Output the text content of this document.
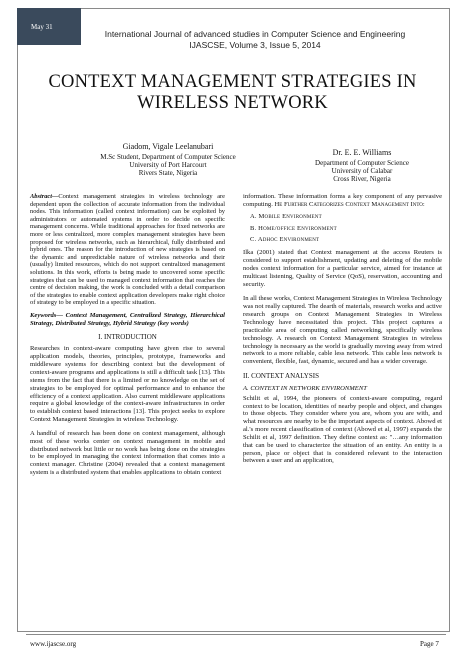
May 31
International Journal of advanced studies in Computer Science and Engineering
IJASCSE, Volume 3, Issue 5, 2014
CONTEXT MANAGEMENT STRATEGIES IN
WIRELESS NETWORK
Giadom, Vigale Leelanubari
M.Sc Student, Department of Computer Science
University of Port Harcourt
Rivers State, Nigeria
Dr. E. E. Williams
Department of Computer Science
University of Calabar
Cross River, Nigeria

Abstract—Context management strategies in wireless technology are dependent upon the collection of accurate information from the individual nodes. This information (called context information) can be exploited by administrators or automated systems in order to decide on specific management concerns. While traditional approaches for fixed networks are more or less centralized, more complex management strategies have been proposed for wireless networks, such as hierarchical, fully distributed and hybrid ones. The reason for the introduction of new strategies is based on the dynamic and unpredictable nature of wireless networks and their (usually) limited resources, which do not support centralized management solutions. In this work, efforts is being made to uncovered some specific strategies that can be used to managed context information that reaches the centre of decision making, the work is concluded with a detail comparison of the strategies to enable context application developers make right choice of strategy to be employed in a specific situation.

Keywords— Context Management, Centralized Strategy, Hierarchical Strategy, Distributed Strategy, Hybrid Strategy (key words)

I. INTRODUCTION

Researches in context-aware computing have given rise to several application models, theories, principles, prototype, frameworks and middleware systems for describing context but the development of context-aware programs and applications is still a difficult task [13]. This stems from the fact that there is a limited or no knowledge on the set of strategies to be employed for optimal performance and to enhance the efficiency of a context application. Also current middleware applications require a global knowledge of the context-aware infrastructures in order to establish context based interactions [13]. This project seeks to explore Context Management Strategies in wireless Technology.

A handful of research has been done on context management, although most of these works center on context management in mobile and distributed network but little or no work has being done on the strategies to be employed in managing the context information that comes into a context manager. Christine (2004) revealed that a context management system is a distributed system that enables applications to obtain context

information. These information forms a key component of any pervasive computing. He Further Categorizes Context Management Into:

A. Mobile Environment
B. Home/office Environment
C. Adhoc Environment

Ilka (2001) stated that Context management at the access Reuters is considered to support establishment, updating and deleting of the mobile nodes context information for a particular service, aimed for instance at multicast listening, Quality of Service (QoS), reservation, accounting and security.

In all these works, Context Management Strategies in Wireless Technology was not really captured. The dearth of materials, research works and active research groups on Context Management Strategies in Wireless Technology have necessitated this project. This project captures a practicable area of computing called networking, specifically wireless technology. A research on Context Management Strategies in wireless technology is necessary as the world is gradually moving away from wired network to a more reliable, cable less network. This cable less network is convenient, flexible, fast, dynamic, secured and has a wider coverage.

II. CONTEXT ANALYSIS
A. CONTEXT IN NETWORK ENVIRONMENT

Schilit et al, 1994, the pioneers of context-aware computing, regard context to be location, identities of nearby people and object, and changes to those objects. They consider where you are, whom you are with, and what resources are nearby to be the important aspects of context. Abowd et al.'s more recent classification of context (Abowd et al, 1997) expands the Schilit et al, 1997 definition. They define context as: "…any information that can be used to characterize the situation of an entity. An entity is a person, place or object that is considered relevant to the interaction between a user and an application,

www.ijascse.org	Page 7
